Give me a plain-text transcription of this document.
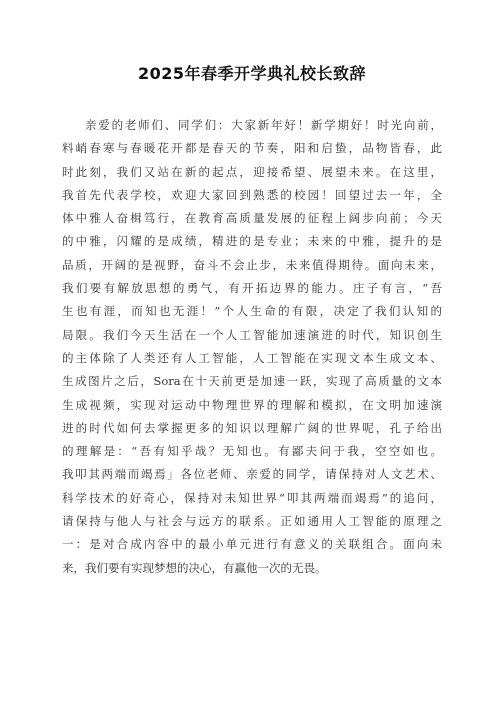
2025年春季开学典礼校长致辞
亲爱的老师们、同学们：大家新年好！新学期好！时光向前，
料峭春寒与春暖花开都是春天的节奏，阳和启蛰，品物皆春，此
时此刻，我们又站在新的起点，迎接希望、展望未来。在这里，
我首先代表学校，欢迎大家回到熟悉的校园！回望过去一年，全
体中雅人奋楫笃行，在教育高质量发展的征程上阔步向前；今天
的中雅，闪耀的是成绩，精进的是专业；未来的中雅，提升的是
品质，开阔的是视野，奋斗不会止步，未来值得期待。面向未来，
我们要有解放思想的勇气，有开拓边界的能力。庄子有言，“吾
生也有涯，而知也无涯！”个人生命的有限，决定了我们认知的
局限。我们今天生活在一个人工智能加速演进的时代，知识创生
的主体除了人类还有人工智能，人工智能在实现文本生成文本、
生成图片之后，Sora在十天前更是加速一跃，实现了高质量的文本
生成视频，实现对运动中物理世界的理解和模拟，在文明加速演
进的时代如何去掌握更多的知识以理解广阔的世界呢，孔子给出
的理解是：“吾有知乎哉？无知也。有鄙夫问于我，空空如也。
我叩其两端而竭焉」各位老师、亲爱的同学，请保持对人文艺术、
科学技术的好奇心，保持对未知世界“叩其两端而竭焉”的追问，
请保持与他人与社会与远方的联系。正如通用人工智能的原理之
一：是对合成内容中的最小单元进行有意义的关联组合。面向未
来，我们要有实现梦想的决心，有赢他一次的无畏。
